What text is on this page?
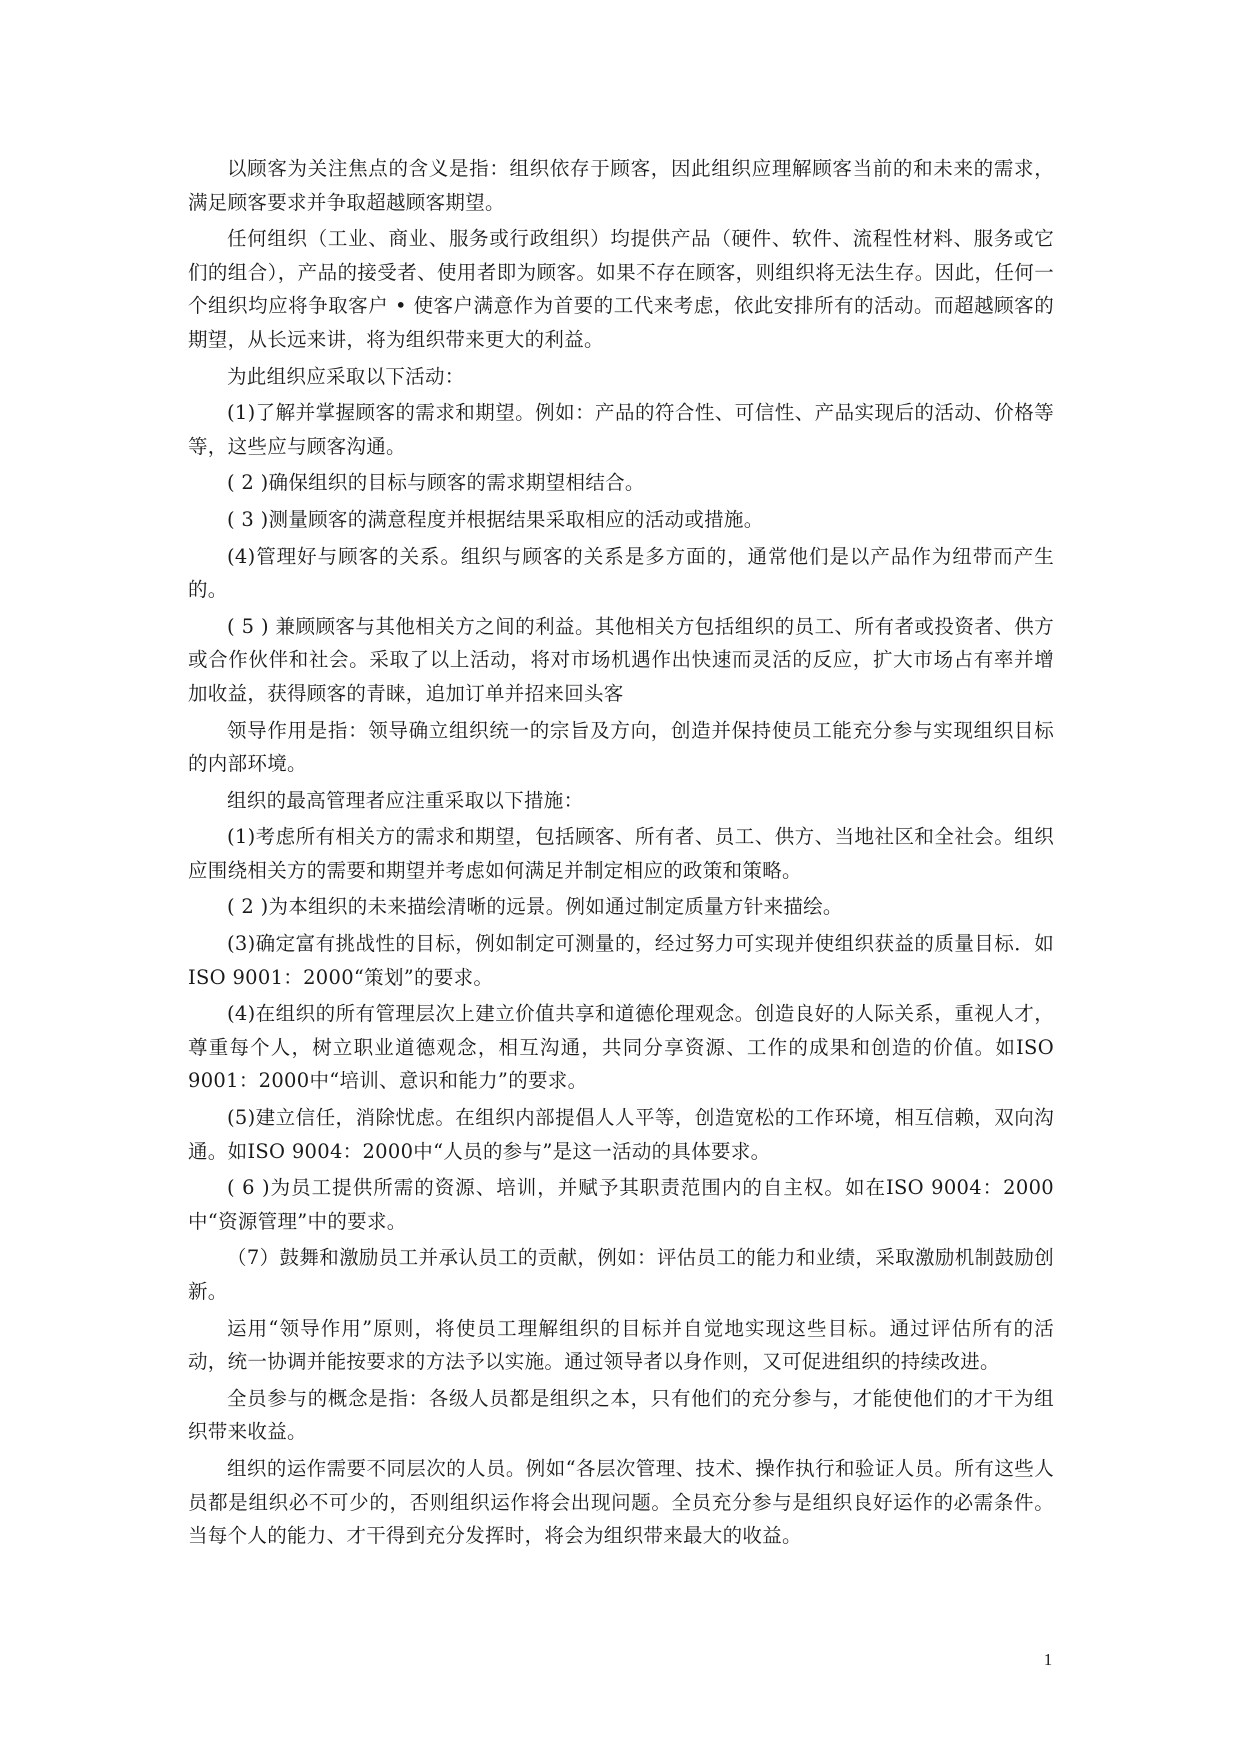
以顾客为关注焦点的含义是指：组织依存于顾客，因此组织应理解顾客当前的和未来的需求，满足顾客要求并争取超越顾客期望。

任何组织（工业、商业、服务或行政组织）均提供产品（硬件、软件、流程性材料、服务或它们的组合），产品的接受者、使用者即为顾客。如果不存在顾客，则组织将无法生存。因此，任何一个组织均应将争取客户 • 使客户满意作为首要的工代来考虑，依此安排所有的活动。而超越顾客的期望，从长远来讲，将为组织带来更大的利益。

为此组织应采取以下活动：

(1)了解并掌握顾客的需求和期望。例如：产品的符合性、可信性、产品实现后的活动、价格等等，这些应与顾客沟通。

( 2 )确保组织的目标与顾客的需求期望相结合。

( 3 )测量顾客的满意程度并根据结果采取相应的活动或措施。

(4)管理好与顾客的关系。组织与顾客的关系是多方面的，通常他们是以产品作为纽带而产生的。

( 5 ) 兼顾顾客与其他相关方之间的利益。其他相关方包括组织的员工、所有者或投资者、供方或合作伙伴和社会。采取了以上活动，将对市场机遇作出快速而灵活的反应，扩大市场占有率并增加收益，获得顾客的青睐，追加订单并招来回头客

领导作用是指：领导确立组织统一的宗旨及方向，创造并保持使员工能充分参与实现组织目标的内部环境。

组织的最高管理者应注重采取以下措施：

(1)考虑所有相关方的需求和期望，包括顾客、所有者、员工、供方、当地社区和全社会。组织应围绕相关方的需要和期望并考虑如何满足并制定相应的政策和策略。

( 2 )为本组织的未来描绘清晰的远景。例如通过制定质量方针来描绘。

(3)确定富有挑战性的目标，例如制定可测量的，经过努力可实现并使组织获益的质量目标．如ISO 9001：2000“策划”的要求。

(4)在组织的所有管理层次上建立价值共享和道德伦理观念。创造良好的人际关系，重视人才，尊重每个人，树立职业道德观念，相互沟通，共同分享资源、工作的成果和创造的价值。如ISO 9001：2000中“培训、意识和能力”的要求。

(5)建立信任，消除忧虑。在组织内部提倡人人平等，创造宽松的工作环境，相互信赖，双向沟通。如ISO 9004：2000中“人员的参与”是这一活动的具体要求。

( 6 )为员工提供所需的资源、培训，并赋予其职责范围内的自主权。如在ISO 9004：2000中“资源管理”中的要求。

（7）鼓舞和激励员工并承认员工的贡献，例如：评估员工的能力和业绩，采取激励机制鼓励创新。

运用“领导作用”原则，将使员工理解组织的目标并自觉地实现这些目标。通过评估所有的活动，统一协调并能按要求的方法予以实施。通过领导者以身作则，又可促进组织的持续改进。

全员参与的概念是指：各级人员都是组织之本，只有他们的充分参与，才能使他们的才干为组织带来收益。

组织的运作需要不同层次的人员。例如“各层次管理、技术、操作执行和验证人员。所有这些人员都是组织必不可少的，否则组织运作将会出现问题。全员充分参与是组织良好运作的必需条件。当每个人的能力、才干得到充分发挥时，将会为组织带来最大的收益。

1
